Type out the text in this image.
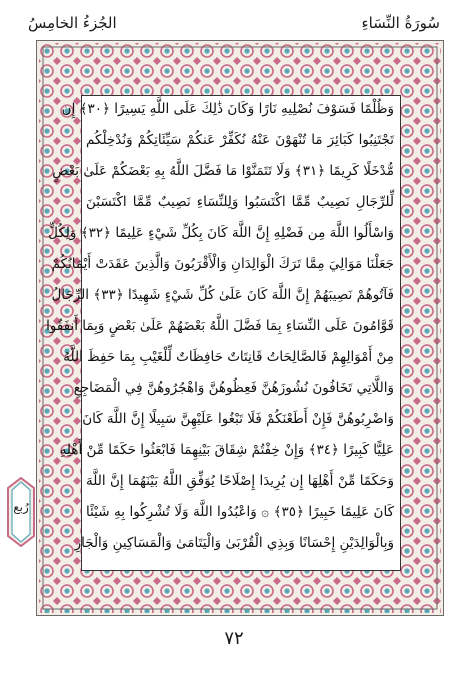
الجُزءُ الخامِسُ	سُورَةُ النِّسَاءِ
وَظُلْمًا فَسَوْفَ نُصْلِيهِ نَارًا وَكَانَ ذَٰلِكَ عَلَى اللَّهِ يَسِيرًا ﴿٣٠﴾ إِن
تَجْتَنِبُوا كَبَائِرَ مَا تُنْهَوْنَ عَنْهُ نُكَفِّرْ عَنكُمْ سَيِّئَاتِكُمْ وَنُدْخِلْكُم
مُّدْخَلًا كَرِيمًا ﴿٣١﴾ وَلَا تَتَمَنَّوْا مَا فَضَّلَ اللَّهُ بِهِ بَعْضَكُمْ عَلَىٰ بَعْضٍ
لِّلرِّجَالِ نَصِيبٌ مِّمَّا اكْتَسَبُوا وَلِلنِّسَاءِ نَصِيبٌ مِّمَّا اكْتَسَبْنَ
وَاسْأَلُوا اللَّهَ مِن فَضْلِهِ إِنَّ اللَّهَ كَانَ بِكُلِّ شَيْءٍ عَلِيمًا ﴿٣٢﴾ وَلِكُلٍّ
جَعَلْنَا مَوَالِيَ مِمَّا تَرَكَ الْوَالِدَانِ وَالْأَقْرَبُونَ وَالَّذِينَ عَقَدَتْ أَيْمَانُكُمْ
فَآتُوهُمْ نَصِيبَهُمْ إِنَّ اللَّهَ كَانَ عَلَىٰ كُلِّ شَيْءٍ شَهِيدًا ﴿٣٣﴾ الرِّجَالُ
قَوَّامُونَ عَلَى النِّسَاءِ بِمَا فَضَّلَ اللَّهُ بَعْضَهُمْ عَلَىٰ بَعْضٍ وَبِمَا أَنفَقُوا
مِنْ أَمْوَالِهِمْ فَالصَّالِحَاتُ قَانِتَاتٌ حَافِظَاتٌ لِّلْغَيْبِ بِمَا حَفِظَ اللَّهُ
وَاللَّاتِي تَخَافُونَ نُشُوزَهُنَّ فَعِظُوهُنَّ وَاهْجُرُوهُنَّ فِي الْمَضَاجِعِ
وَاضْرِبُوهُنَّ فَإِنْ أَطَعْنَكُمْ فَلَا تَبْغُوا عَلَيْهِنَّ سَبِيلًا إِنَّ اللَّهَ كَانَ
عَلِيًّا كَبِيرًا ﴿٣٤﴾ وَإِنْ خِفْتُمْ شِقَاقَ بَيْنِهِمَا فَابْعَثُوا حَكَمًا مِّنْ أَهْلِهِ
وَحَكَمًا مِّنْ أَهْلِهَا إِن يُرِيدَا إِصْلَاحًا يُوَفِّقِ اللَّهُ بَيْنَهُمَا إِنَّ اللَّهَ
كَانَ عَلِيمًا خَبِيرًا ﴿٣٥﴾ ۞ وَاعْبُدُوا اللَّهَ وَلَا تُشْرِكُوا بِهِ شَيْئًا
وَبِالْوَالِدَيْنِ إِحْسَانًا وَبِذِي الْقُرْبَىٰ وَالْيَتَامَىٰ وَالْمَسَاكِينِ وَالْجَارِ
رُبع
٧٢
